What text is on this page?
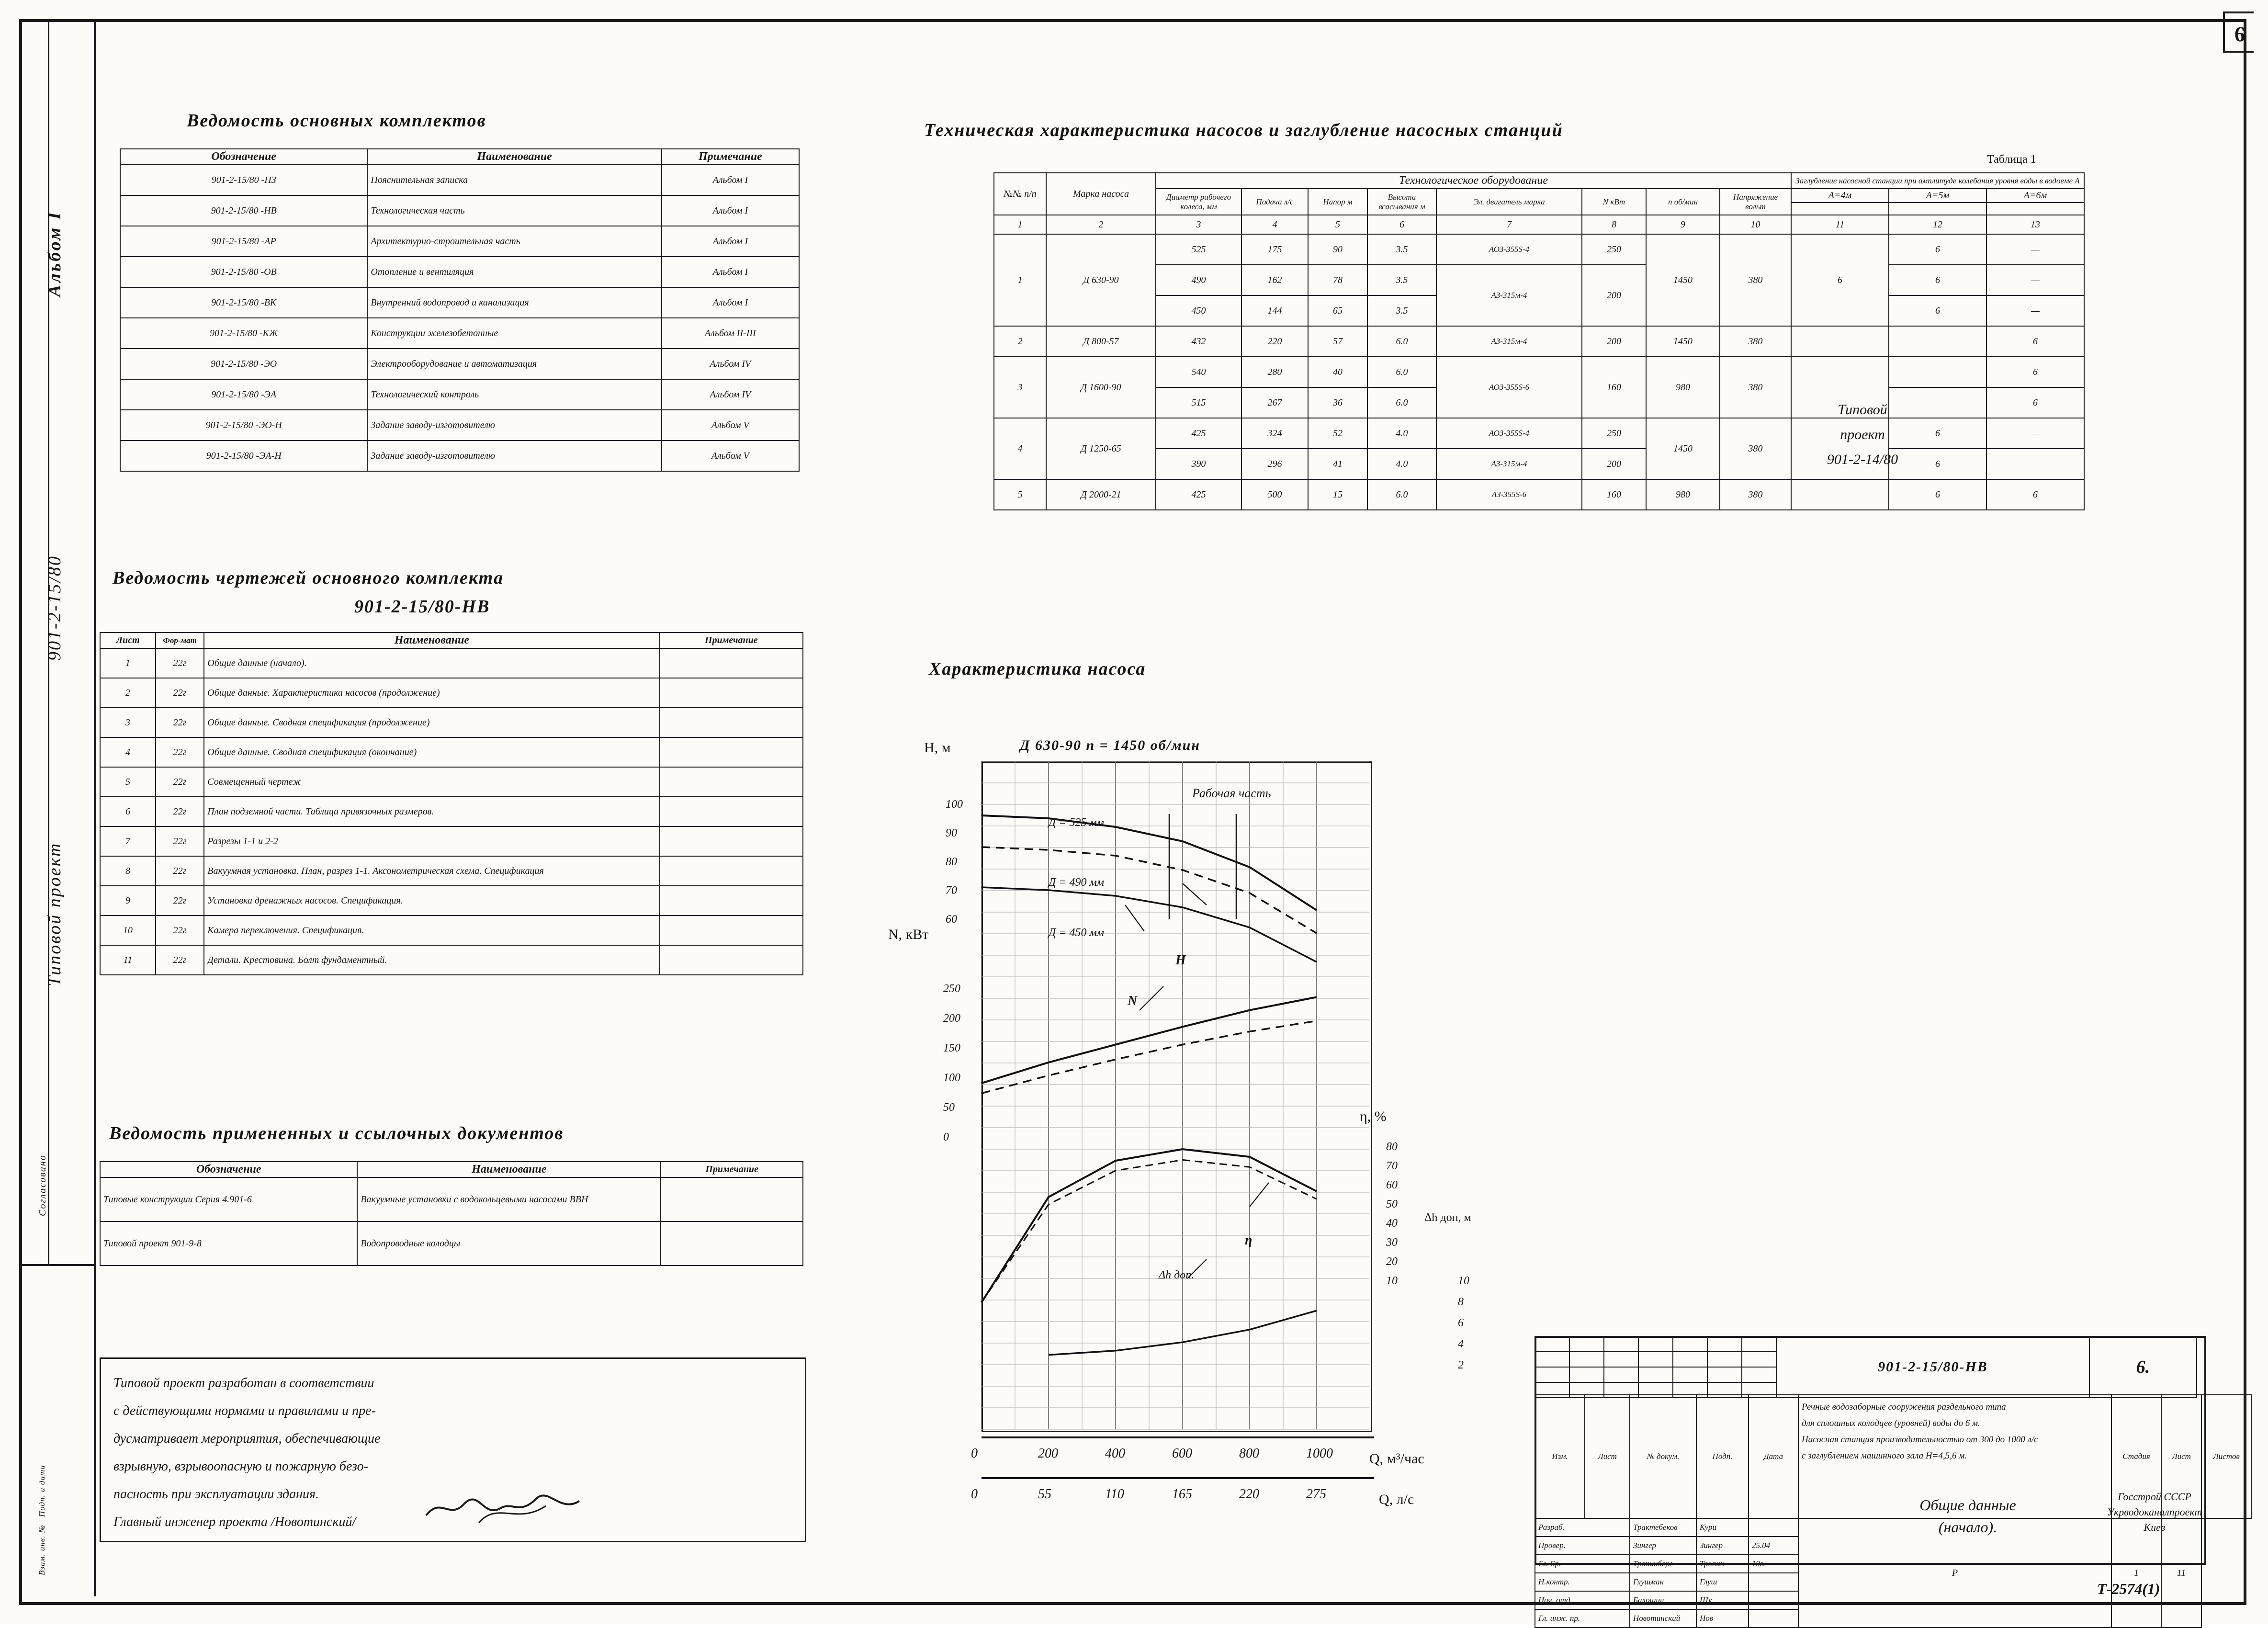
6
Альбом I
901-2-15/80
Типовой проект
Согласовано
Взам. инв. № | Подп. и дата
Ведомость основных комплектов
Обозначение	Наименование	Примечание
901-2-15/80 -ПЗ	Пояснительная записка	Альбом I
901-2-15/80 -НВ	Технологическая часть	Альбом I
901-2-15/80 -АР	Архитектурно-строительная часть	Альбом I
901-2-15/80 -ОВ	Отопление и вентиляция	Альбом I
901-2-15/80 -ВК	Внутренний водопровод и канализация	Альбом I
901-2-15/80 -КЖ	Конструкции железобетонные	Альбом II-III
901-2-15/80 -ЭО	Электрооборудование и автоматизация	Альбом IV
901-2-15/80 -ЭА	Технологический контроль	Альбом IV
901-2-15/80 -ЭО-Н	Задание заводу-изготовителю	Альбом V
901-2-15/80 -ЭА-Н	Задание заводу-изготовителю	Альбом V
Ведомость чертежей основного комплекта
901-2-15/80-НВ
Лист	Фор-мат	Наименование	Примечание
1	22г	Общие данные (начало).	
2	22г	Общие данные. Характеристика насосов (продолжение)	
3	22г	Общие данные. Сводная спецификация (продолжение)	
4	22г	Общие данные. Сводная спецификация (окончание)	
5	22г	Совмещенный чертеж	
6	22г	План подземной части. Таблица привязочных размеров.	
7	22г	Разрезы 1-1 и 2-2	
8	22г	Вакуумная установка. План, разрез 1-1. Аксонометрическая схема. Спецификация	
9	22г	Установка дренажных насосов. Спецификация.	
10	22г	Камера переключения. Спецификация.	
11	22г	Детали. Крестовина. Болт фундаментный.	
Ведомость примененных и ссылочных документов
Обозначение	Наименование	Примечание
Типовые конструкции Серия 4.901-6	Вакуумные установки с водокольцевыми насосами ВВН	
Типовой проект 901-9-8	Водопроводные колодцы	
Типовой проект разработан в соответствии
с действующими нормами и правилами и пре-
дусматривает мероприятия, обеспечивающие
взрывную, взрывоопасную и пожарную безо-
пасность при эксплуатации здания.
Главный инженер проекта /Новотинский/
Техническая характеристика насосов и заглубление насосных станций
Таблица 1
№№ п/п	Марка насоса	Технологическое оборудование								Заглубление насосной станции при амплитуде колебания уровня воды в водоеме А		
		Диаметр рабочего колеса, мм	Подача л/с	Напор м	Высота всасывания м	Эл. двигатель марка	N кВт	n об/мин	Напряжение вольт	А=4м	А=5м	А=6м

1	2	3	4	5	6	7	8	9	10	11	12	13
1	Д 630-90	525	175	90	3.5	АОЗ-355S-4	250	1450	380	6	6	—
		490	162	78	3.5	АЗ-315м-4	200				6	—
		450	144	65	3.5						6	—
2	Д 800-57	432	220	57	6.0	АЗ-315м-4	200	1450	380			6
3	Д 1600-90	540	280	40	6.0	АОЗ-355S-6	160	980	380			6
		515	267	36	6.0							6
4	Д 1250-65	425	324	52	4.0	АОЗ-355S-4	250	1450	380		6	—
		390	296	41	4.0	АЗ-315м-4	200				6	
5	Д 2000-21	425	500	15	6.0	АЗ-355S-6	160	980	380		6	6
Типовой
проект
901-2-14/80
Характеристика насоса
Д 630-90 n = 1450 об/мин
H, м
N, кВт
η, %
Δh доп, м
100
90
80
70
60
250
200
150
100
50
0
80
70
60
50
40
30
20
10	10
8
6
4
2
0	200	400	600	800	1000
0	55	110	165	220	275
Q, м³/час
Q, л/с
Рабочая часть
Д = 525 мм
Д = 490 мм
Д = 450 мм
Н
N
η
Δh доп.
							901-2-15/80-НВ	6.

Изм.	Лист	№ докум.	Подп.	Дата	Речные водозаборные сооружения раздельного типа
для сплошных колодцев (уровней) воды до 6 м.
Насосная станция производительностью от 300 до 1000 л/с
с заглублением машинного зала Н=4,5,6 м.	Стадия	Лист	Листов
Разраб.		Трактебеков	Кури		Р	1	11	
Провер.		Зингер	Зингер	25.04				
Гл. Бр.		Тропинберг	Тропин	19г.				
Н.контр.		Глушман	Глуш					
Нач. отд.		Балошин	Шу					
Гл. инж. пр.		Новотинский	Нов					
Общие данные
(начало).
Госстрой СССР
Укрводоканалпроект
Киев
Т-2574(1)
